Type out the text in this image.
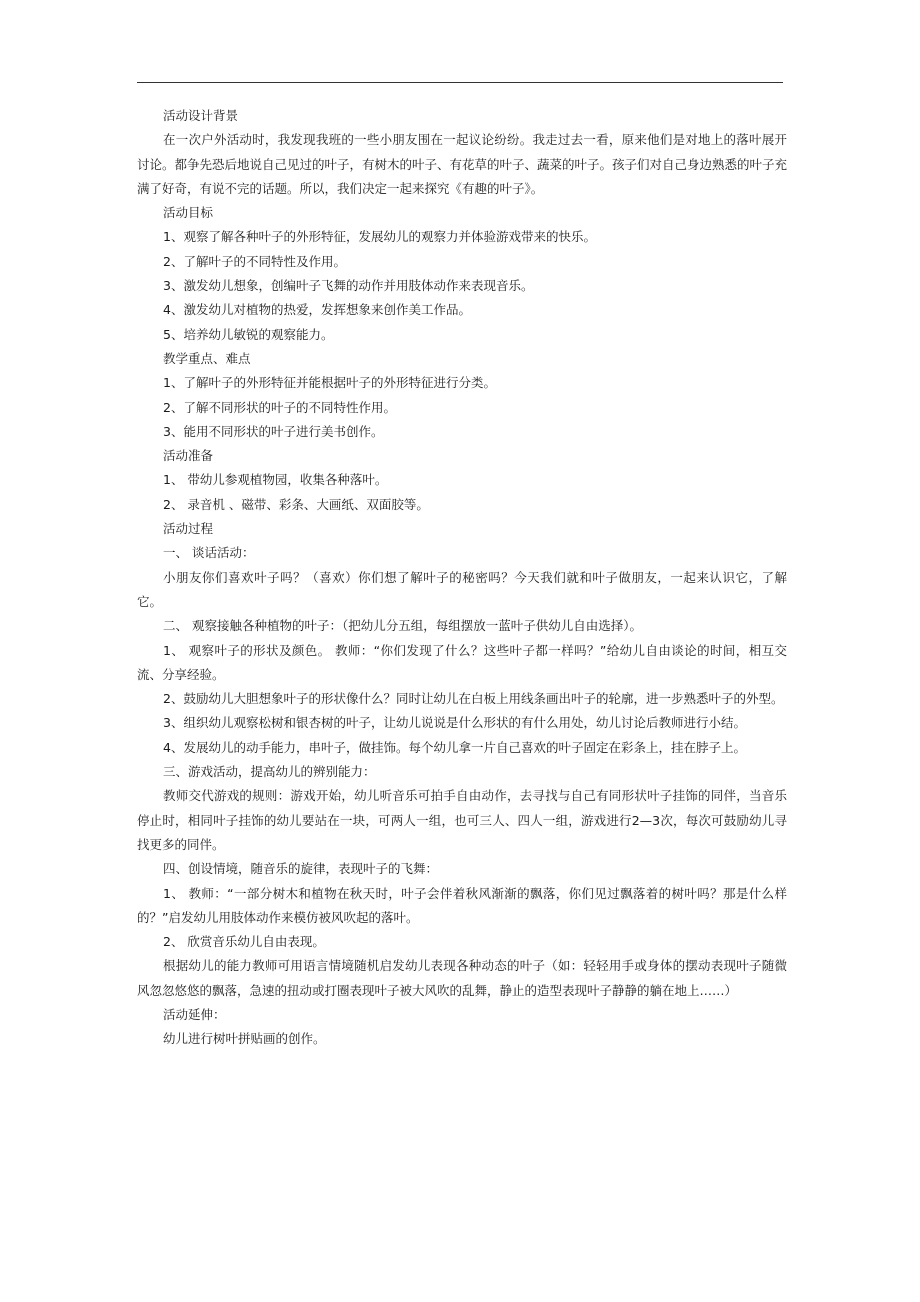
活动设计背景
在一次户外活动时，我发现我班的一些小朋友围在一起议论纷纷。我走过去一看，原来他们是对地上的落叶展开讨论。都争先恐后地说自己见过的叶子，有树木的叶子、有花草的叶子、蔬菜的叶子。孩子们对自己身边熟悉的叶子充满了好奇，有说不完的话题。所以，我们决定一起来探究《有趣的叶子》。
活动目标
1、观察了解各种叶子的外形特征，发展幼儿的观察力并体验游戏带来的快乐。
2、了解叶子的不同特性及作用。
3、激发幼儿想象，创编叶子飞舞的动作并用肢体动作来表现音乐。
4、激发幼儿对植物的热爱，发挥想象来创作美工作品。
5、培养幼儿敏锐的观察能力。
教学重点、难点
1、了解叶子的外形特征并能根据叶子的外形特征进行分类。
2、了解不同形状的叶子的不同特性作用。
3、能用不同形状的叶子进行美书创作。
活动准备
1、 带幼儿参观植物园，收集各种落叶。
2、 录音机 、磁带、彩条、大画纸、双面胶等。
活动过程
一、 谈话活动：
小朋友你们喜欢叶子吗？（喜欢）你们想了解叶子的秘密吗？今天我们就和叶子做朋友，一起来认识它，了解它。
二、 观察接触各种植物的叶子：（把幼儿分五组，每组摆放一蓝叶子供幼儿自由选择）。
1、 观察叶子的形状及颜色。 教师：“你们发现了什么？这些叶子都一样吗？”给幼儿自由谈论的时间，相互交流、分享经验。
2、鼓励幼儿大胆想象叶子的形状像什么？同时让幼儿在白板上用线条画出叶子的轮廓，进一步熟悉叶子的外型。
3、组织幼儿观察松树和银杏树的叶子，让幼儿说说是什么形状的有什么用处，幼儿讨论后教师进行小结。
4、发展幼儿的动手能力，串叶子，做挂饰。每个幼儿拿一片自己喜欢的叶子固定在彩条上，挂在脖子上。
三、游戏活动，提高幼儿的辨别能力：
教师交代游戏的规则：游戏开始，幼儿听音乐可拍手自由动作，去寻找与自己有同形状叶子挂饰的同伴，当音乐停止时，相同叶子挂饰的幼儿要站在一块，可两人一组，也可三人、四人一组，游戏进行2—3次，每次可鼓励幼儿寻找更多的同伴。
四、创设情境，随音乐的旋律，表现叶子的飞舞：
1、 教师：“一部分树木和植物在秋天时，叶子会伴着秋风渐渐的飘落，你们见过飘落着的树叶吗？那是什么样的？”启发幼儿用肢体动作来模仿被风吹起的落叶。
2、 欣赏音乐幼儿自由表现。
根据幼儿的能力教师可用语言情境随机启发幼儿表现各种动态的叶子（如：轻轻用手或身体的摆动表现叶子随微风忽忽悠悠的飘落，急速的扭动或打圈表现叶子被大风吹的乱舞，静止的造型表现叶子静静的躺在地上……）
活动延伸：
幼儿进行树叶拼贴画的创作。
